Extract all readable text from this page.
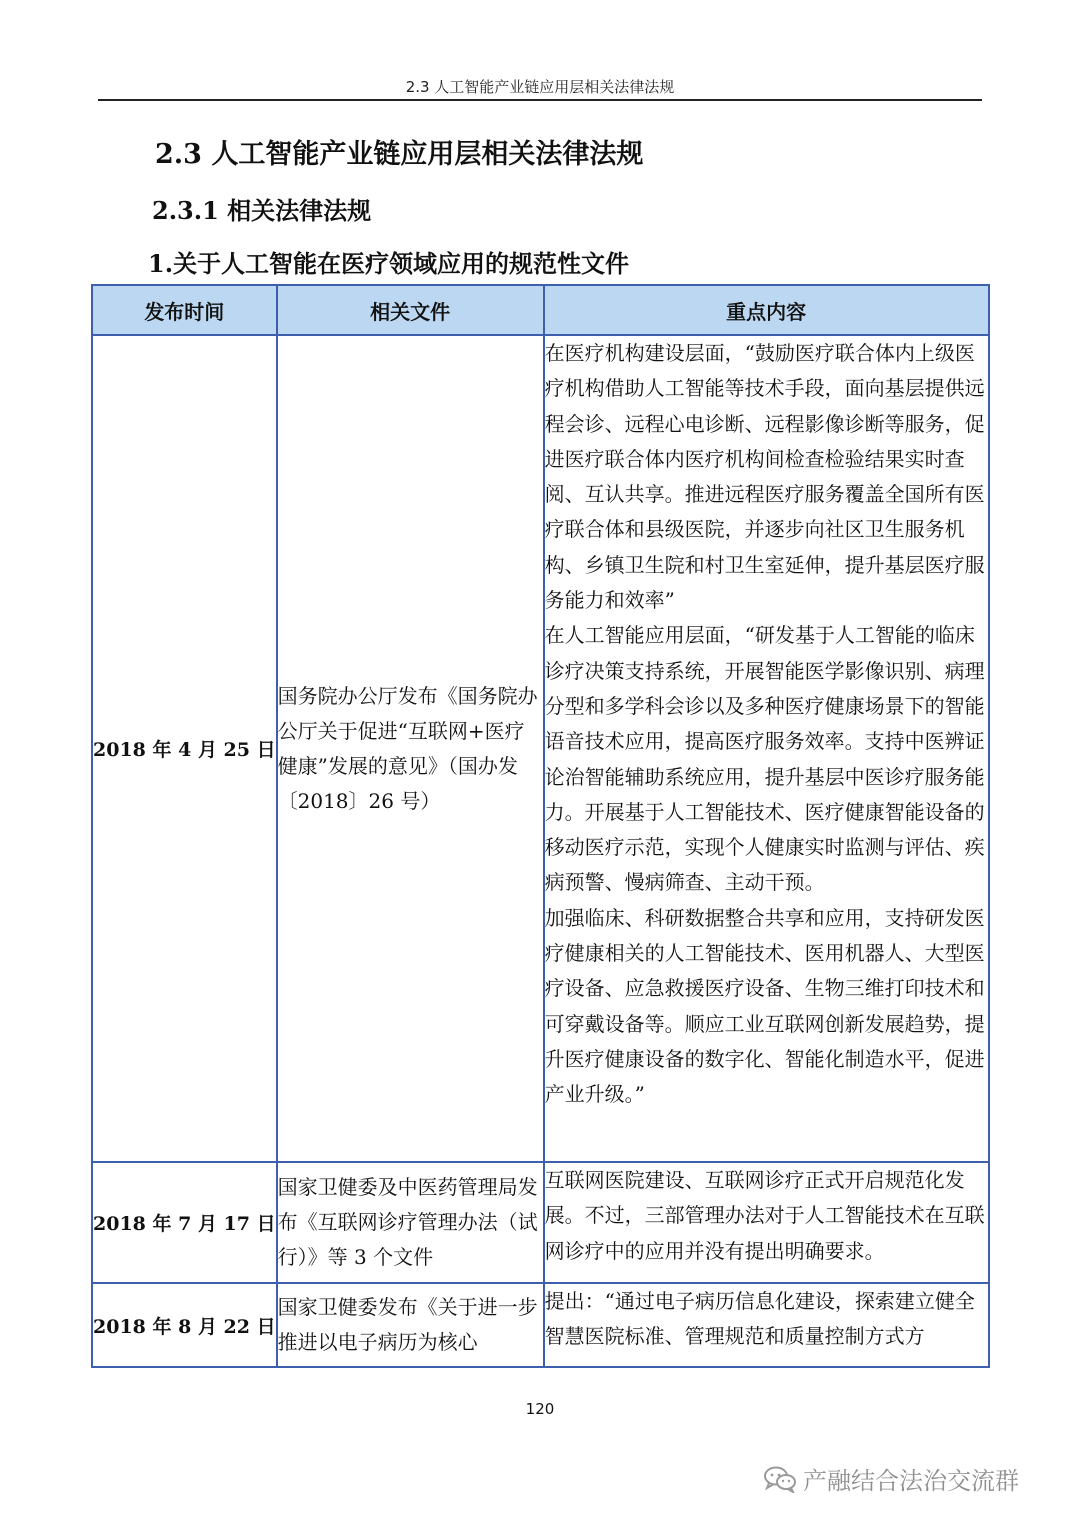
2.3 人工智能产业链应用层相关法律法规
2.3 人工智能产业链应用层相关法律法规
2.3.1 相关法律法规
1.关于人工智能在医疗领域应用的规范性文件
发布时间	相关文件	重点内容
2018 年 4 月 25 日	国务院办公厅发布《国务院办公厅关于促进“互联网+医疗健康”发展的意见》（国办发〔2018〕26 号）	在医疗机构建设层面，“鼓励医疗联合体内上级医疗机构借助人工智能等技术手段，面向基层提供远程会诊、远程心电诊断、远程影像诊断等服务，促进医疗联合体内医疗机构间检查检验结果实时查阅、互认共享。推进远程医疗服务覆盖全国所有医疗联合体和县级医院，并逐步向社区卫生服务机构、乡镇卫生院和村卫生室延伸，提升基层医疗服务能力和效率”
在人工智能应用层面，“研发基于人工智能的临床诊疗决策支持系统，开展智能医学影像识别、病理分型和多学科会诊以及多种医疗健康场景下的智能语音技术应用，提高医疗服务效率。支持中医辨证论治智能辅助系统应用，提升基层中医诊疗服务能力。开展基于人工智能技术、医疗健康智能设备的移动医疗示范，实现个人健康实时监测与评估、疾病预警、慢病筛查、主动干预。
加强临床、科研数据整合共享和应用，支持研发医疗健康相关的人工智能技术、医用机器人、大型医疗设备、应急救援医疗设备、生物三维打印技术和可穿戴设备等。顺应工业互联网创新发展趋势，提升医疗健康设备的数字化、智能化制造水平，促进产业升级。”

2018 年 7 月 17 日	国家卫健委及中医药管理局发布《互联网诊疗管理办法（试行）》等 3 个文件	互联网医院建设、互联网诊疗正式开启规范化发展。不过，三部管理办法对于人工智能技术在互联网诊疗中的应用并没有提出明确要求。

2018 年 8 月 22 日	国家卫健委发布《关于进一步推进以电子病历为核心	提出：“通过电子病历信息化建设，探索建立健全智慧医院标准、管理规范和质量控制方式方
120
产融结合法治交流群
